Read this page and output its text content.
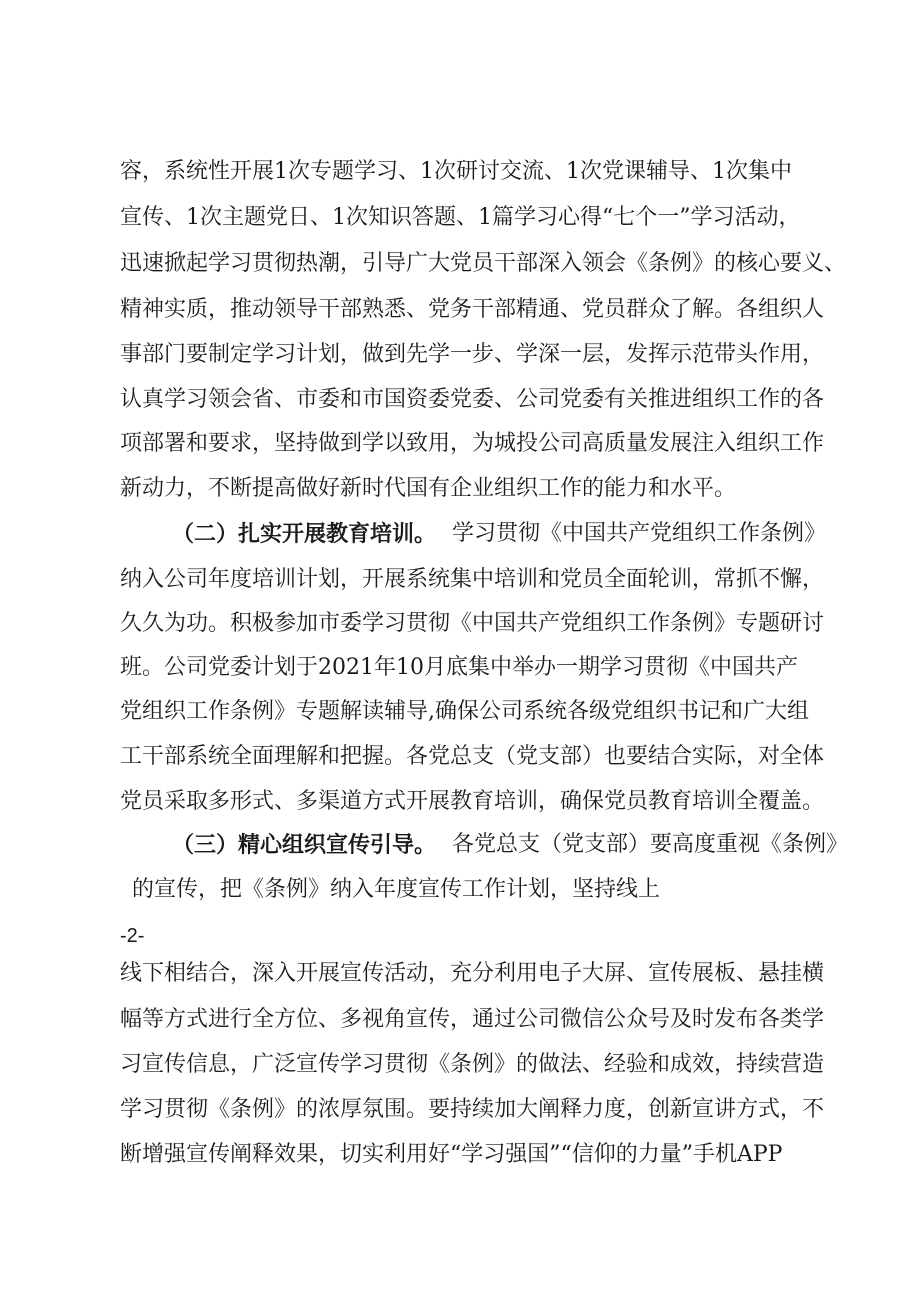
容，系统性开展1次专题学习、1次研讨交流、1次党课辅导、1次集中
宣传、1次主题党日、1次知识答题、1篇学习心得“七个一”学习活动，
迅速掀起学习贯彻热潮，引导广大党员干部深入领会《条例》的核心要义、
精神实质，推动领导干部熟悉、党务干部精通、党员群众了解。各组织人
事部门要制定学习计划，做到先学一步、学深一层，发挥示范带头作用，
认真学习领会省、市委和市国资委党委、公司党委有关推进组织工作的各
项部署和要求，坚持做到学以致用，为城投公司高质量发展注入组织工作
新动力，不断提高做好新时代国有企业组织工作的能力和水平。
（二）扎实开展教育培训。 学习贯彻《中国共产党组织工作条例》
纳入公司年度培训计划，开展系统集中培训和党员全面轮训，常抓不懈，
久久为功。积极参加市委学习贯彻《中国共产党组织工作条例》专题研讨
班。公司党委计划于2021年10月底集中举办一期学习贯彻《中国共产
党组织工作条例》专题解读辅导,确保公司系统各级党组织书记和广大组
工干部系统全面理解和把握。各党总支（党支部）也要结合实际，对全体
党员采取多形式、多渠道方式开展教育培训，确保党员教育培训全覆盖。
（三）精心组织宣传引导。 各党总支（党支部）要高度重视《条例》
的宣传，把《条例》纳入年度宣传工作计划，坚持线上
-2-
线下相结合，深入开展宣传活动，充分利用电子大屏、宣传展板、悬挂横
幅等方式进行全方位、多视角宣传，通过公司微信公众号及时发布各类学
习宣传信息，广泛宣传学习贯彻《条例》的做法、经验和成效，持续营造
学习贯彻《条例》的浓厚氛围。要持续加大阐释力度，创新宣讲方式，不
断增强宣传阐释效果，切实利用好“学习强国”“信仰的力量”手机APP
